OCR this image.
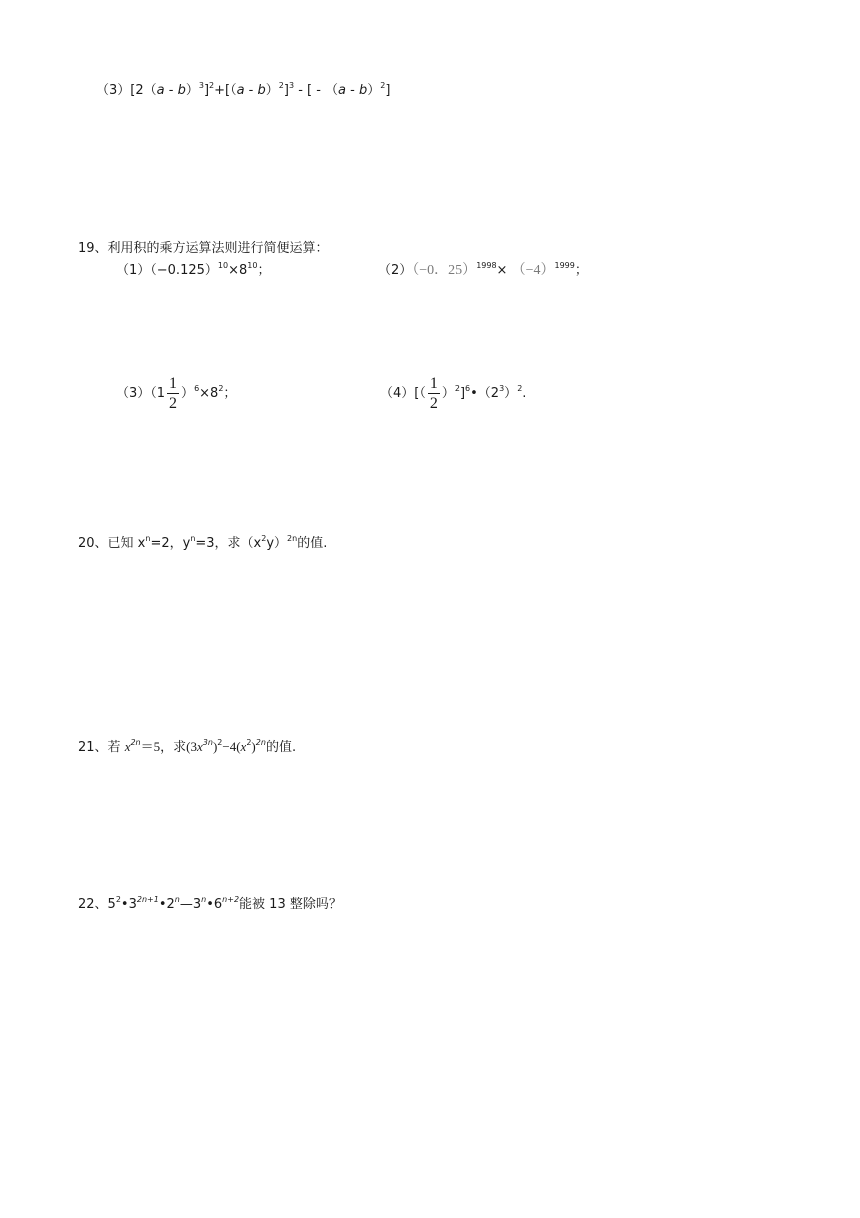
（3）[2（a - b）$^3$]$^2$+[（a - b）$^2$]$^3$ - [ - （a - b）$^2$]
19、利用积的乘方运算法则进行简便运算：
$(1)(-0.125)^{10}\times 8^{10}$；	（2）（−0．$25)^{1998}\times (-4)^{1999}$；
$(3)(1 \frac{1}{2} )^6\times 8^2$；	$(4)[( \frac{1}{2}$ ）$^2]^6•(2^3)^2$.
20、已知 $x^n=2$，$y^n=3$，求$(x^2y)^{2n}$的值.
21、若 $x^{2n}=5$，求$(3x^{3n})^2-4(x^2)^{2n}$的值.
22、$5^2•3^{2n+1}•2^n—3^n•6^{n+2}$能被 13 整除吗？
